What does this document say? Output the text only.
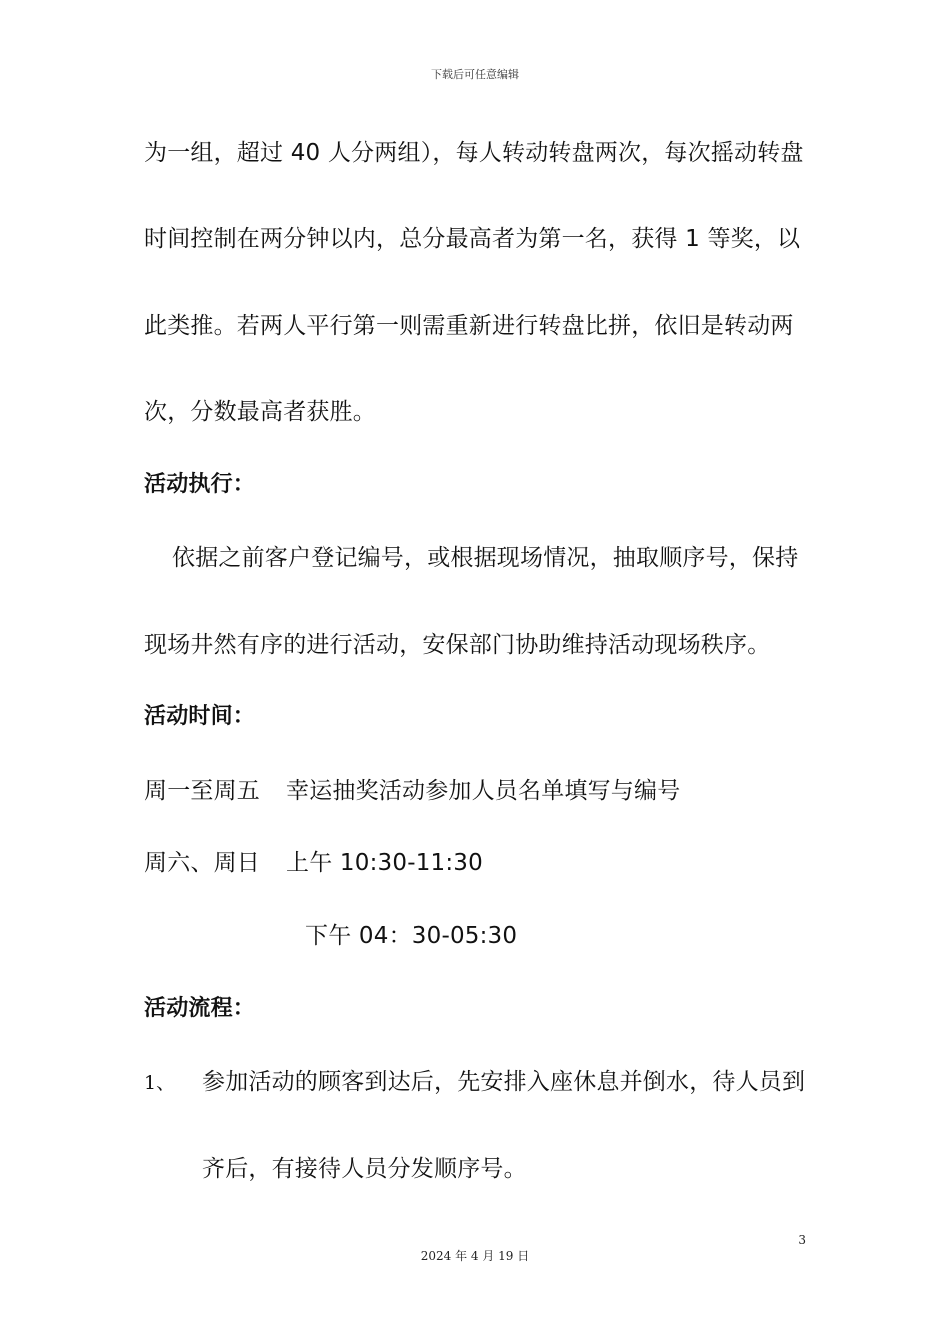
下载后可任意编辑
为一组，超过 40 人分两组），每人转动转盘两次，每次摇动转盘
时间控制在两分钟以内，总分最高者为第一名，获得 1 等奖，以
此类推。若两人平行第一则需重新进行转盘比拼，依旧是转动两
次，分数最高者获胜。
活动执行：
依据之前客户登记编号，或根据现场情况，抽取顺序号，保持
现场井然有序的进行活动，安保部门协助维持活动现场秩序。
活动时间：
周一至周五 幸运抽奖活动参加人员名单填写与编号
周六、周日 上午 10:30-11:30
下午 04：30-05:30
活动流程：
1、 参加活动的顾客到达后，先安排入座休息并倒水，待人员到
齐后，有接待人员分发顺序号。
3
2024 年 4 月 19 日
